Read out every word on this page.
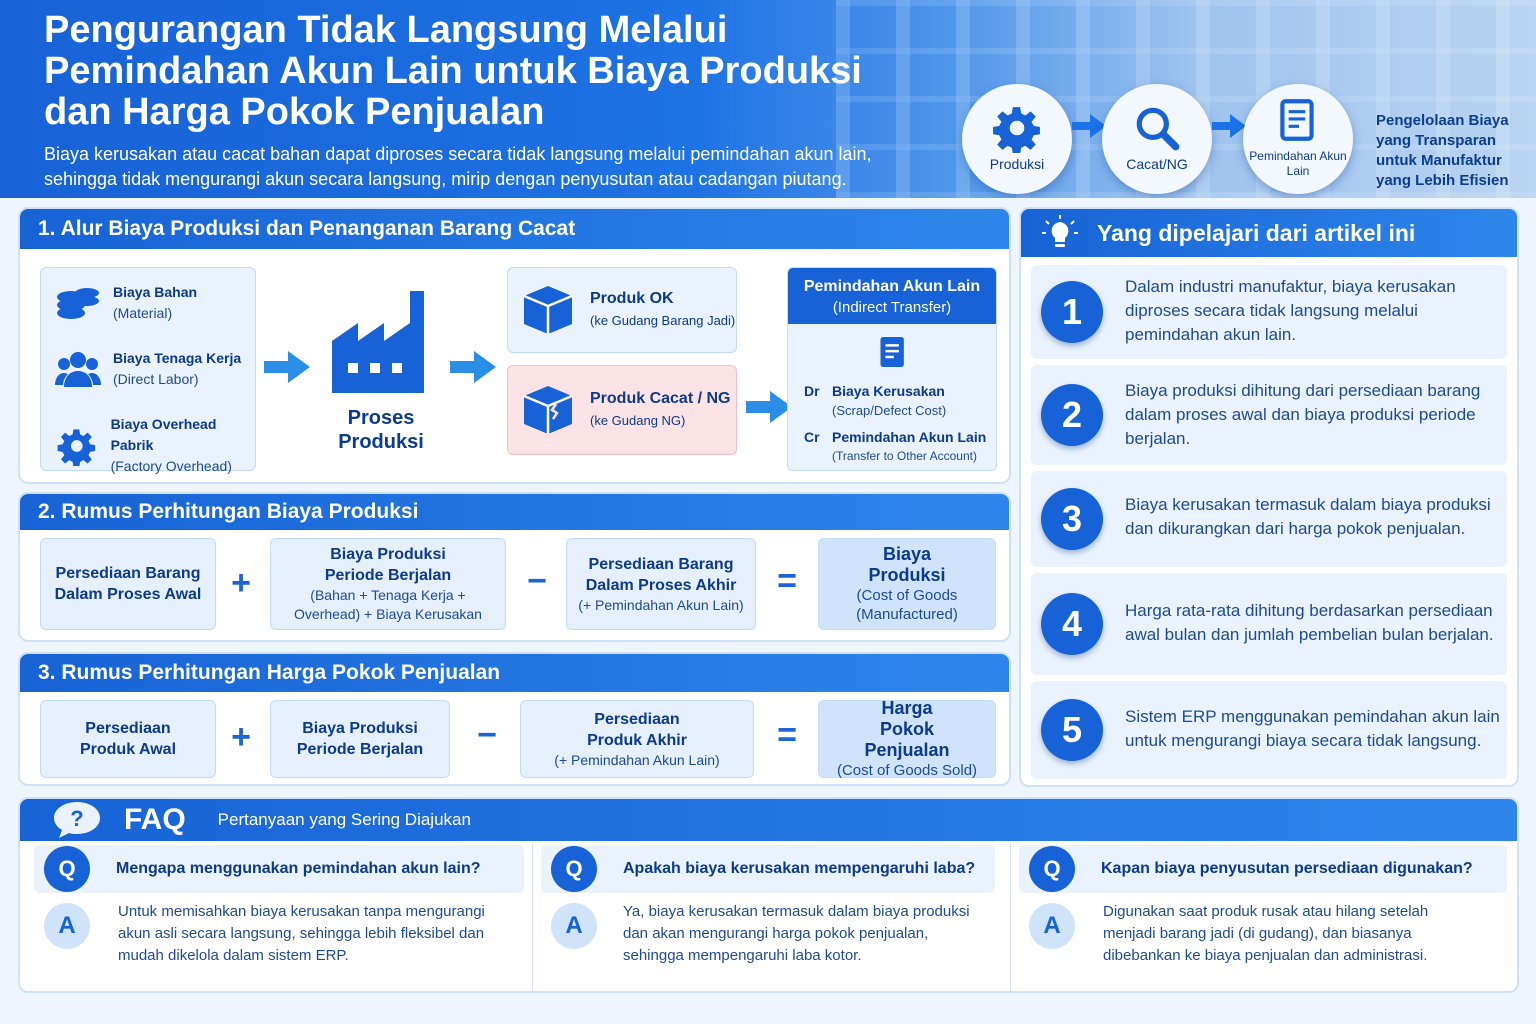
Pengurangan Tidak Langsung Melalui Pemindahan Akun Lain untuk Biaya Produksi dan Harga Pokok Penjualan
Biaya kerusakan atau cacat bahan dapat diproses secara tidak langsung melalui pemindahan akun lain, sehingga tidak mengurangi akun secara langsung, mirip dengan penyusutan atau cadangan piutang.
Produksi	Cacat/NG	Pemindahan Akun Lain
Pengelolaan Biaya yang Transparan untuk Manufaktur yang Lebih Efisien
1. Alur Biaya Produksi dan Penanganan Barang Cacat
Biaya Bahan
(Material)
Biaya Tenaga Kerja
(Direct Labor)
Biaya Overhead Pabrik
(Factory Overhead)
Proses Produksi
Produk OK
(ke Gudang Barang Jadi)
Produk Cacat / NG
(ke Gudang NG)
Pemindahan Akun Lain
(Indirect Transfer)
Dr Biaya Kerusakan
(Scrap/Defect Cost)
Cr Pemindahan Akun Lain
(Transfer to Other Account)
2. Rumus Perhitungan Biaya Produksi
Persediaan Barang Dalam Proses Awal +
Biaya Produksi Periode Berjalan
(Bahan + Tenaga Kerja + Overhead) + Biaya Kerusakan
−	Persediaan Barang Dalam Proses Akhir
(+ Pemindahan Akun Lain)
=
Biaya Produksi
(Cost of Goods (Manufactured)
3. Rumus Perhitungan Harga Pokok Penjualan
Persediaan Produk Awal +	Biaya Produksi Periode Berjalan −	Persediaan Produk Akhir
(+ Pemindahan Akun Lain)
=
Harga Pokok Penjualan
(Cost of Goods Sold)
Yang dipelajari dari artikel ini
1
Dalam industri manufaktur, biaya kerusakan diproses secara tidak langsung melalui pemindahan akun lain.
2
Biaya produksi dihitung dari persediaan barang dalam proses awal dan biaya produksi periode berjalan.
3	Biaya kerusakan termasuk dalam biaya produksi dan dikurangkan dari harga pokok penjualan.
4	Harga rata-rata dihitung berdasarkan persediaan awal bulan dan jumlah pembelian bulan berjalan.
5	Sistem ERP menggunakan pemindahan akun lain untuk mengurangi biaya secara tidak langsung.
? FAQ Pertanyaan yang Sering Diajukan
Q	Mengapa menggunakan pemindahan akun lain?
A
Untuk memisahkan biaya kerusakan tanpa mengurangi akun asli secara langsung, sehingga lebih fleksibel dan mudah dikelola dalam sistem ERP.
Q	Apakah biaya kerusakan mempengaruhi laba?
A
Ya, biaya kerusakan termasuk dalam biaya produksi dan akan mengurangi harga pokok penjualan, sehingga mempengaruhi laba kotor.
Q	Kapan biaya penyusutan persediaan digunakan?
A
Digunakan saat produk rusak atau hilang setelah menjadi barang jadi (di gudang), dan biasanya dibebankan ke biaya penjualan dan administrasi.
